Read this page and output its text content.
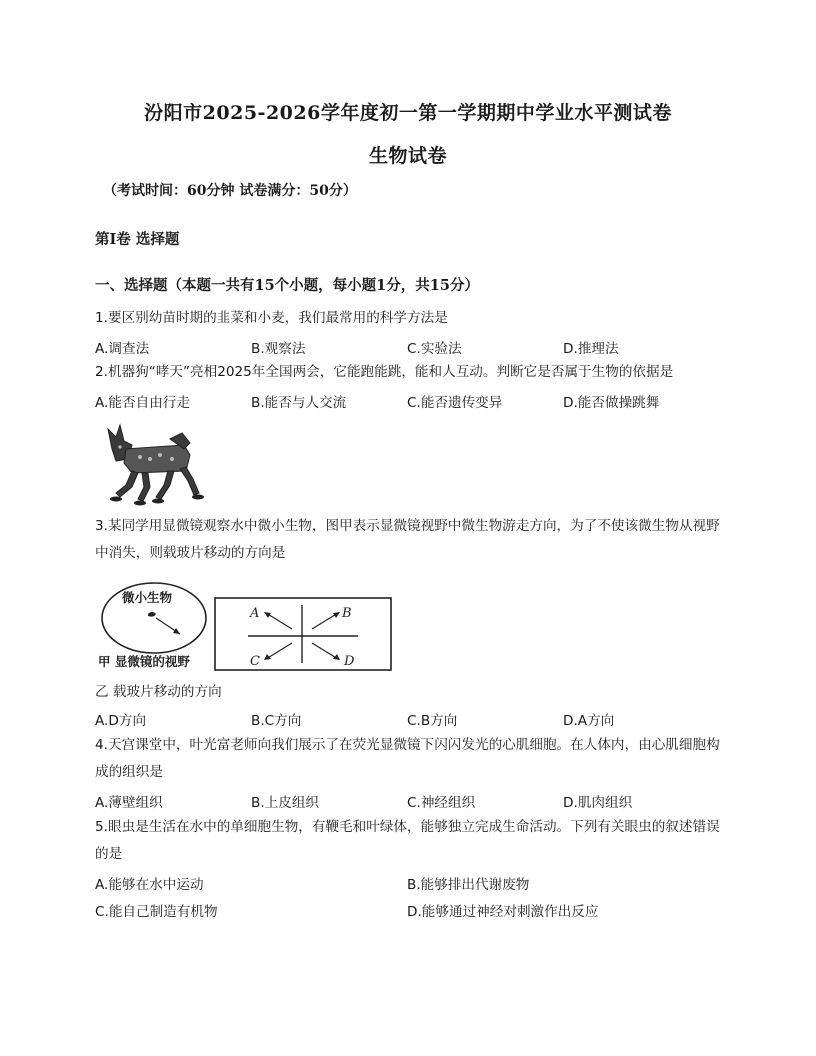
汾阳市2025-2026学年度初一第一学期期中学业水平测试卷
生物试卷
（考试时间：60分钟 试卷满分：50分）
第Ⅰ卷 选择题
一、选择题（本题一共有15个小题，每小题1分，共15分）
1.要区别幼苗时期的韭菜和小麦，我们最常用的科学方法是
A.调查法	B.观察法	C.实验法	D.推理法
2.机器狗“哮天”亮相2025年全国两会，它能跑能跳，能和人互动。判断它是否属于生物的依据是
A.能否自由行走	B.能否与人交流	C.能否遗传变异	D.能否做操跳舞
3.某同学用显微镜观察水中微小生物，图甲表示显微镜视野中微生物游走方向，为了不使该微生物从视野中消失，则载玻片移动的方向是
微小生物
甲 显微镜的视野
A	B
C	D
乙 载玻片移动的方向
A.D方向	B.C方向	C.B方向	D.A方向
4.天宫课堂中，叶光富老师向我们展示了在荧光显微镜下闪闪发光的心肌细胞。在人体内，由心肌细胞构成的组织是
A.薄壁组织	B.上皮组织	C.神经组织	D.肌肉组织
5.眼虫是生活在水中的单细胞生物，有鞭毛和叶绿体，能够独立完成生命活动。下列有关眼虫的叙述错误的是
A.能够在水中运动	B.能够排出代谢废物
C.能自己制造有机物	D.能够通过神经对刺激作出反应
